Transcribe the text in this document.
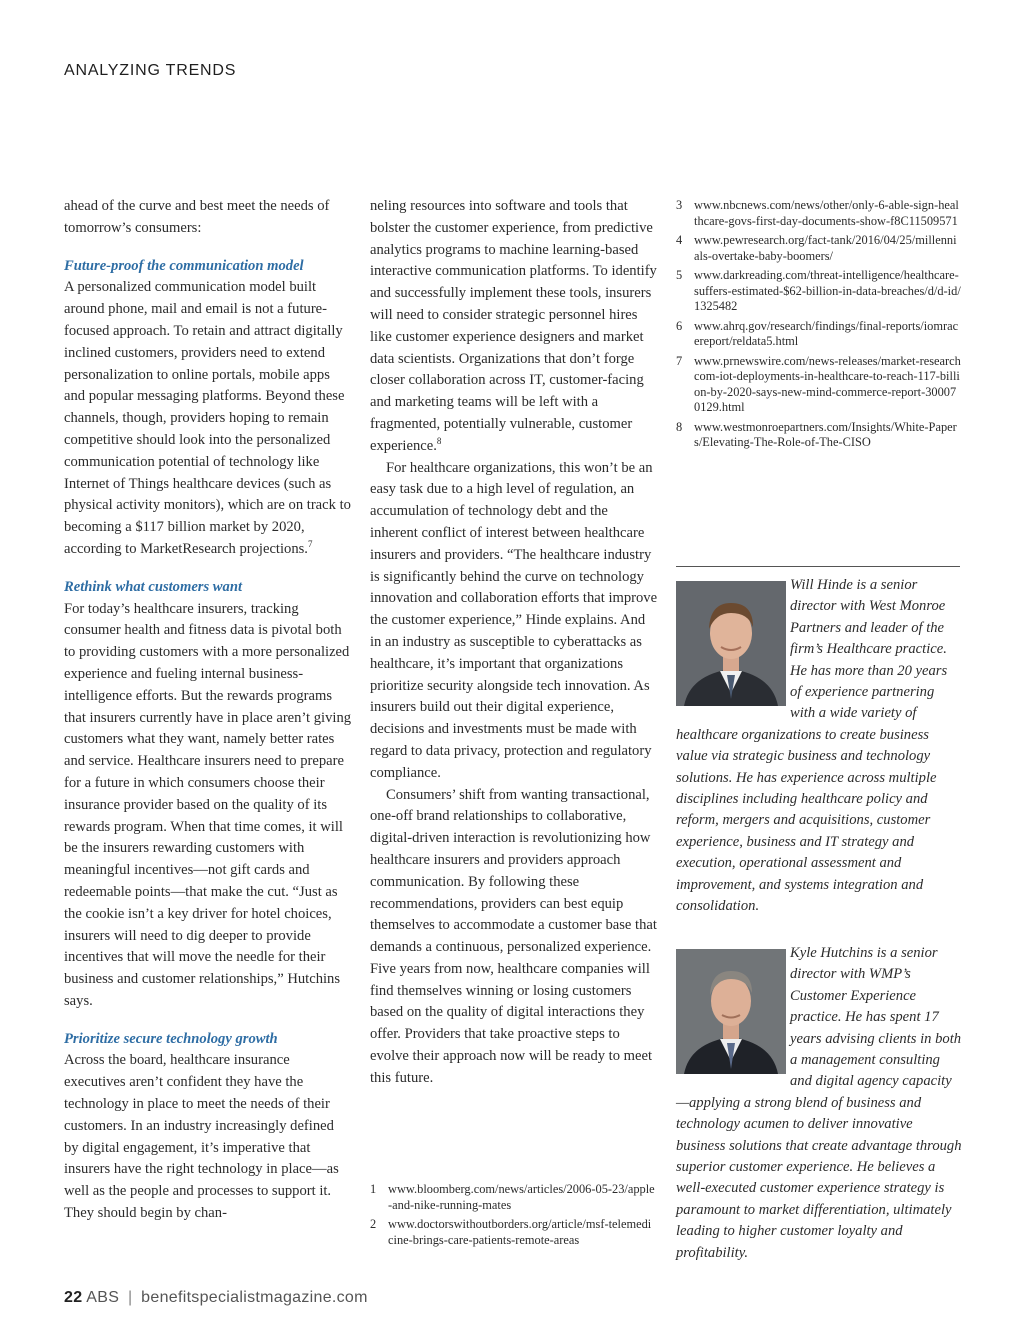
ANALYZING TRENDS

ahead of the curve and best meet the needs of tomorrow’s consumers:

Future-proof the communication model

A personalized communication model built around phone, mail and email is not a future-focused approach. To retain and attract digitally inclined customers, providers need to extend personalization to online portals, mobile apps and popular messaging platforms. Beyond these channels, though, providers hoping to remain competitive should look into the personalized communication potential of technology like Internet of Things healthcare devices (such as physical activity monitors), which are on track to becoming a $117 billion market by 2020, according to MarketResearch projections.$^7$

Rethink what customers want

For today’s healthcare insurers, tracking consumer health and fitness data is pivotal both to providing customers with a more personalized experience and fueling internal business-intelligence efforts. But the rewards programs that insurers currently have in place aren’t giving customers what they want, namely better rates and service. Healthcare insurers need to prepare for a future in which consumers choose their insurance provider based on the quality of its rewards program. When that time comes, it will be the insurers rewarding customers with meaningful incentives—not gift cards and redeemable points—that make the cut. “Just as the cookie isn’t a key driver for hotel choices, insurers will need to dig deeper to provide incentives that will move the needle for their business and customer relationships,” Hutchins says.

Prioritize secure technology growth

Across the board, healthcare insurance executives aren’t confident they have the technology in place to meet the needs of their customers. In an industry increasingly defined by digital engagement, it’s imperative that insurers have the right technology in place—as well as the people and processes to support it. They should begin by chan-

neling resources into software and tools that bolster the customer experience, from predictive analytics programs to machine learning-based interactive communication platforms. To identify and successfully implement these tools, insurers will need to consider strategic personnel hires like customer experience designers and market data scientists. Organizations that don’t forge closer collaboration across IT, customer-facing and marketing teams will be left with a fragmented, potentially vulnerable, customer experience.$^8$

For healthcare organizations, this won’t be an easy task due to a high level of regulation, an accumulation of technology debt and the inherent conflict of interest between healthcare insurers and providers. “The healthcare industry is significantly behind the curve on technology innovation and collaboration efforts that improve the customer experience,” Hinde explains. And in an industry as susceptible to cyberattacks as healthcare, it’s important that organizations prioritize security alongside tech innovation. As insurers build out their digital experience, decisions and investments must be made with regard to data privacy, protection and regulatory compliance.

Consumers’ shift from wanting transactional, one-off brand relationships to collaborative, digital-driven interaction is revolutionizing how healthcare insurers and providers approach communication. By following these recommendations, providers can best equip themselves to accommodate a customer base that demands a continuous, personalized experience. Five years from now, healthcare companies will find themselves winning or losing customers based on the quality of digital interactions they offer. Providers that take proactive steps to evolve their approach now will be ready to meet this future.

1 www.bloomberg.com/news/articles/2006-05-23/apple-and-nike-running-mates
2 www.doctorswithoutborders.org/article/msf-telemedicine-brings-care-patients-remote-areas
3 www.nbcnews.com/news/other/only-6-able-sign-healthcare-govs-first-day-documents-show-f8C11509571
4 www.pewresearch.org/fact-tank/2016/04/25/millennials-overtake-baby-boomers/
5 www.darkreading.com/threat-intelligence/healthcare-suffers-estimated-$62-billion-in-data-breaches/d/d-id/1325482
6 www.ahrq.gov/research/findings/final-reports/iomracereport/reldata5.html
7 www.prnewswire.com/news-releases/market-researchcom-iot-deployments-in-healthcare-to-reach-117-billion-by-2020-says-new-mind-commerce-report-300070129.html
8 www.westmonroepartners.com/Insights/White-Papers/Elevating-The-Role-of-The-CISO
Will Hinde is a senior director with West Monroe Partners and leader of the firm’s Healthcare practice. He has more than 20 years of experience partnering with a wide variety of healthcare organizations to create business value via strategic business and technology solutions. He has experience across multiple disciplines including healthcare policy and reform, mergers and acquisitions, customer experience, business and IT strategy and execution, operational assessment and improvement, and systems integration and consolidation.
Kyle Hutchins is a senior director with WMP’s Customer Experience practice. He has spent 17 years advising clients in both a management consulting and digital agency capacity—applying a strong blend of business and technology acumen to deliver innovative business solutions that create advantage through superior customer experience. He believes a well-executed customer experience strategy is paramount to market differentiation, ultimately leading to higher customer loyalty and profitability.
22 ABS | benefitspecialistmagazine.com
